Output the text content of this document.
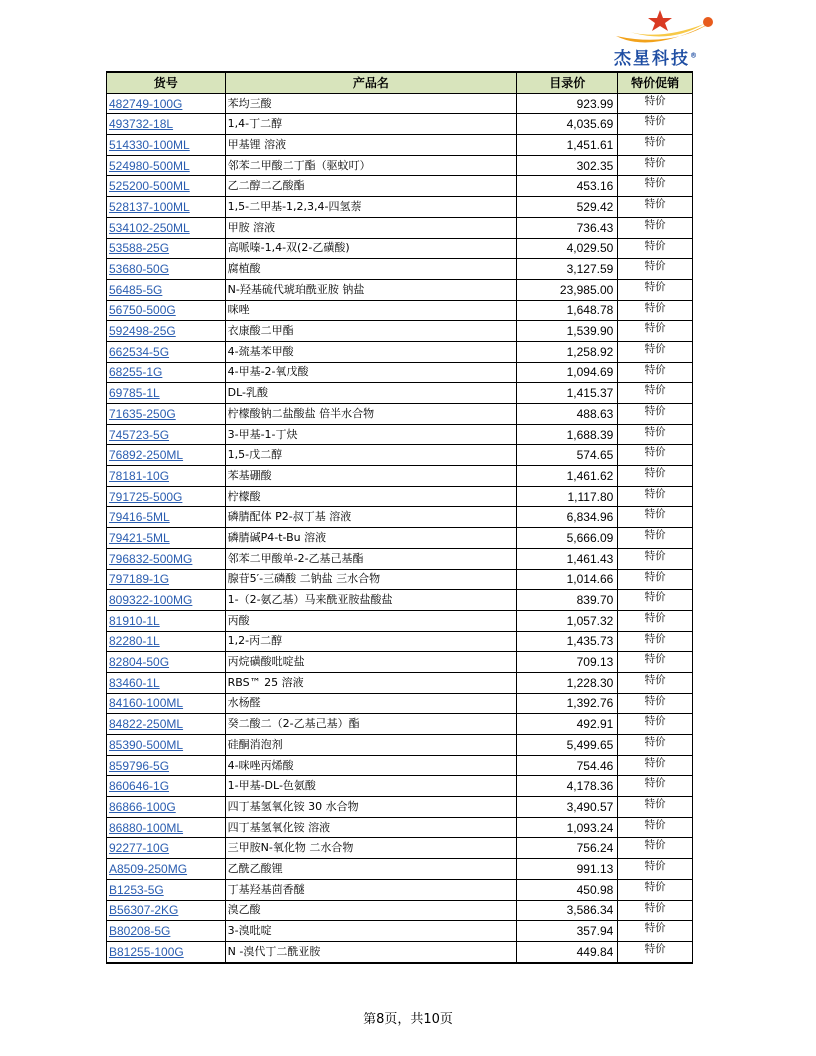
杰星科技®
货号	产品名	目录价	特价促销
482749-100G	苯均三酸	923.99	特价
493732-18L	1,4-丁二醇	4,035.69	特价
514330-100ML	甲基锂 溶液	1,451.61	特价
524980-500ML	邻苯二甲酸二丁酯（驱蚊叮）	302.35	特价
525200-500ML	乙二醇二乙酸酯	453.16	特价
528137-100ML	1,5-二甲基-1,2,3,4-四氢萘	529.42	特价
534102-250ML	甲胺 溶液	736.43	特价
53588-25G	高哌嗪-1,4-双(2-乙磺酸)	4,029.50	特价
53680-50G	腐植酸	3,127.59	特价
56485-5G	N-羟基硫代琥珀酰亚胺 钠盐	23,985.00	特价
56750-500G	咪唑	1,648.78	特价
592498-25G	衣康酸二甲酯	1,539.90	特价
662534-5G	4-巯基苯甲酸	1,258.92	特价
68255-1G	4-甲基-2-氧戊酸	1,094.69	特价
69785-1L	DL-乳酸	1,415.37	特价
71635-250G	柠檬酸钠二盐酸盐 倍半水合物	488.63	特价
745723-5G	3-甲基-1-丁炔	1,688.39	特价
76892-250ML	1,5-戊二醇	574.65	特价
78181-10G	苯基硼酸	1,461.62	特价
791725-500G	柠檬酸	1,117.80	特价
79416-5ML	磷腈配体 P2-叔丁基 溶液	6,834.96	特价
79421-5ML	磷腈碱P4-t-Bu 溶液	5,666.09	特价
796832-500MG	邻苯二甲酸单-2-乙基己基酯	1,461.43	特价
797189-1G	腺苷5′-三磷酸 二钠盐 三水合物	1,014.66	特价
809322-100MG	1-（2-氨乙基）马来酰亚胺盐酸盐	839.70	特价
81910-1L	丙酸	1,057.32	特价
82280-1L	1,2-丙二醇	1,435.73	特价
82804-50G	丙烷磺酸吡啶盐	709.13	特价
83460-1L	RBS™ 25 溶液	1,228.30	特价
84160-100ML	水杨醛	1,392.76	特价
84822-250ML	癸二酸二（2-乙基己基）酯	492.91	特价
85390-500ML	硅酮消泡剂	5,499.65	特价
859796-5G	4-咪唑丙烯酸	754.46	特价
860646-1G	1-甲基-DL-色氨酸	4,178.36	特价
86866-100G	四丁基氢氧化铵 30 水合物	3,490.57	特价
86880-100ML	四丁基氢氧化铵 溶液	1,093.24	特价
92277-10G	三甲胺N-氧化物 二水合物	756.24	特价
A8509-250MG	乙酰乙酸锂	991.13	特价
B1253-5G	丁基羟基茴香醚	450.98	特价
B56307-2KG	溴乙酸	3,586.34	特价
B80208-5G	3-溴吡啶	357.94	特价
B81255-100G	N -溴代丁二酰亚胺	449.84	特价
第8页，共10页
